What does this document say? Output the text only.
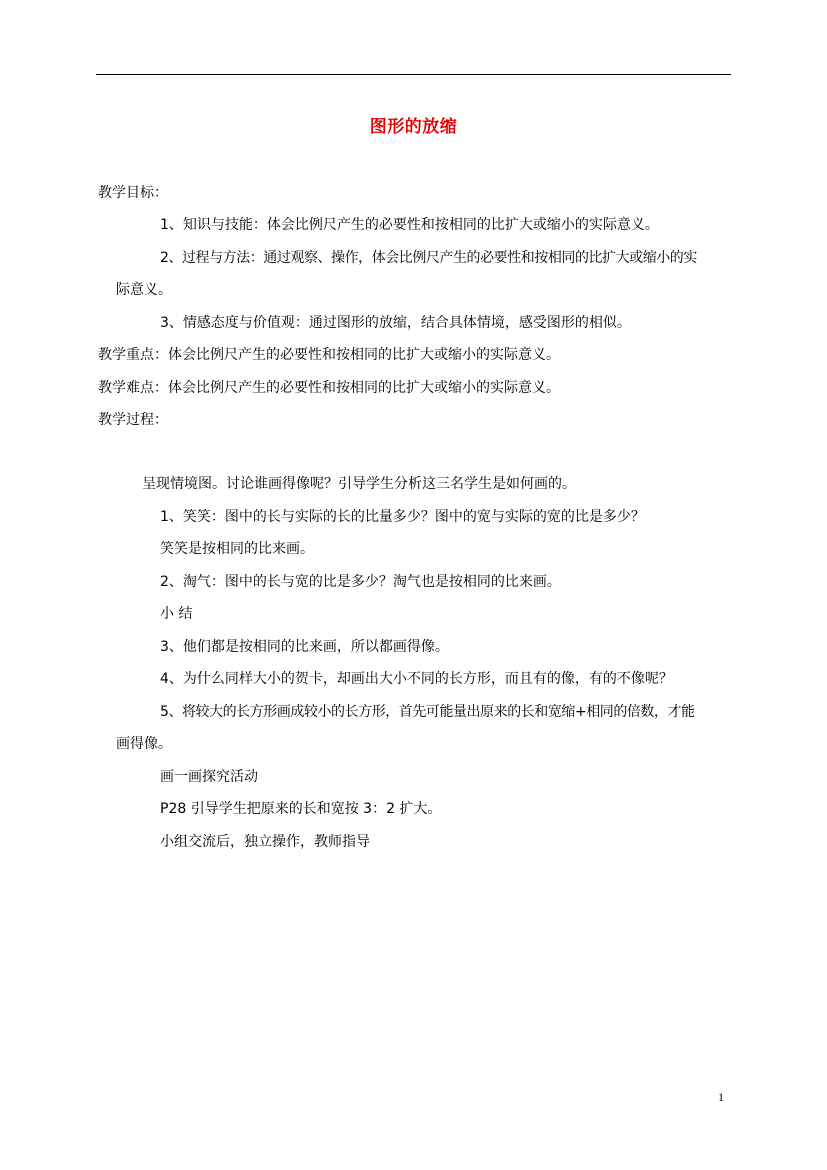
图形的放缩
教学目标：
1、知识与技能：体会比例尺产生的必要性和按相同的比扩大或缩小的实际意义。
2、过程与方法：通过观察、操作，体会比例尺产生的必要性和按相同的比扩大或缩小的实
际意义。
3、情感态度与价值观：通过图形的放缩，结合具体情境，感受图形的相似。
教学重点：体会比例尺产生的必要性和按相同的比扩大或缩小的实际意义。
教学难点：体会比例尺产生的必要性和按相同的比扩大或缩小的实际意义。
教学过程：
呈现情境图。讨论谁画得像呢？引导学生分析这三名学生是如何画的。
1、笑笑：图中的长与实际的长的比量多少？图中的宽与实际的宽的比是多少？
笑笑是按相同的比来画。
2、淘气：图中的长与宽的比是多少？淘气也是按相同的比来画。
小 结
3、他们都是按相同的比来画，所以都画得像。
4、为什么同样大小的贺卡，却画出大小不同的长方形，而且有的像，有的不像呢？
5、将较大的长方形画成较小的长方形，首先可能量出原来的长和宽缩+相同的倍数，才能
画得像。
画一画探究活动
P28 引导学生把原来的长和宽按 3：2 扩大。
小组交流后，独立操作，教师指导
1
